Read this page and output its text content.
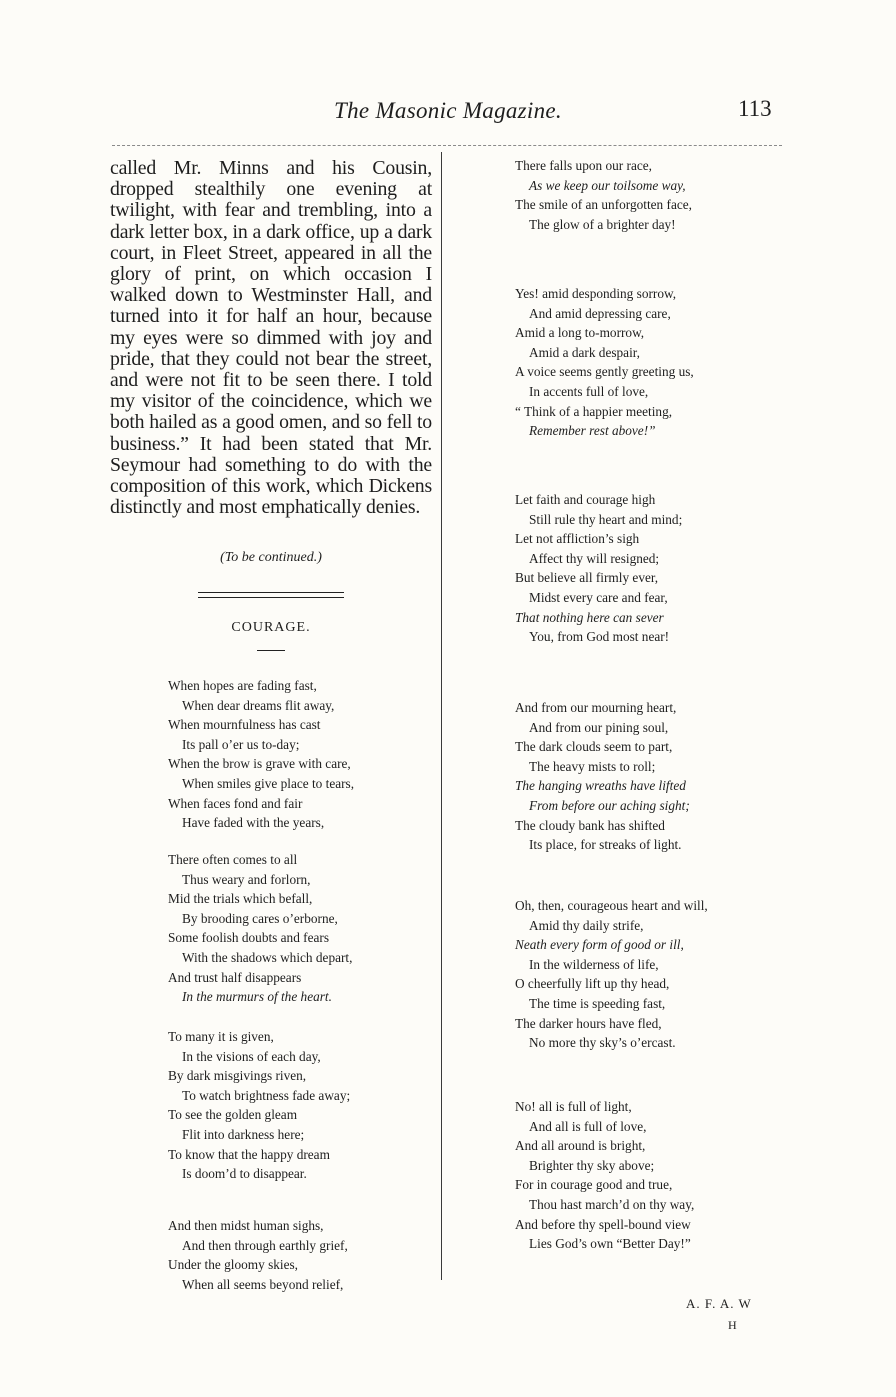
The Masonic Magazine.	113

called Mr. Minns and his Cousin, dropped stealthily one evening at twilight, with fear and trembling, into a dark letter box, in a dark office, up a dark court, in Fleet Street, appeared in all the glory of print, on which occasion I walked down to Westminster Hall, and turned into it for half an hour, because my eyes were so dimmed with joy and pride, that they could not bear the street, and were not fit to be seen there. I told my visitor of the coincidence, which we both hailed as a good omen, and so fell to business.” It had been stated that Mr. Seymour had something to do with the composition of this work, which Dickens distinctly and most emphatically denies.

(To be continued.)
COURAGE.
When hopes are fading fast,
When dear dreams flit away,
When mournfulness has cast
Its pall o’er us to-day;
When the brow is grave with care,
When smiles give place to tears,
When faces fond and fair
Have faded with the years,
There often comes to all
Thus weary and forlorn,
Mid the trials which befall,
By brooding cares o’erborne,
Some foolish doubts and fears
With the shadows which depart,
And trust half disappears
In the murmurs of the heart.
To many it is given,
In the visions of each day,
By dark misgivings riven,
To watch brightness fade away;
To see the golden gleam
Flit into darkness here;
To know that the happy dream
Is doom’d to disappear.
And then midst human sighs,
And then through earthly grief,
Under the gloomy skies,
When all seems beyond relief,
There falls upon our race,
As we keep our toilsome way,
The smile of an unforgotten face,
The glow of a brighter day!
Yes! amid desponding sorrow,
And amid depressing care,
Amid a long to-morrow,
Amid a dark despair,
A voice seems gently greeting us,
In accents full of love,
“ Think of a happier meeting,
Remember rest above!”
Let faith and courage high
Still rule thy heart and mind;
Let not affliction’s sigh
Affect thy will resigned;
But believe all firmly ever,
Midst every care and fear,
That nothing here can sever
You, from God most near!
And from our mourning heart,
And from our pining soul,
The dark clouds seem to part,
The heavy mists to roll;
The hanging wreaths have lifted
From before our aching sight;
The cloudy bank has shifted
Its place, for streaks of light.
Oh, then, courageous heart and will,
Amid thy daily strife,
Neath every form of good or ill,
In the wilderness of life,
O cheerfully lift up thy head,
The time is speeding fast,
The darker hours have fled,
No more thy sky’s o’ercast.
No! all is full of light,
And all is full of love,
And all around is bright,
Brighter thy sky above;
For in courage good and true,
Thou hast march’d on thy way,
And before thy spell-bound view
Lies God’s own “Better Day!”
A. F. A. W
H
